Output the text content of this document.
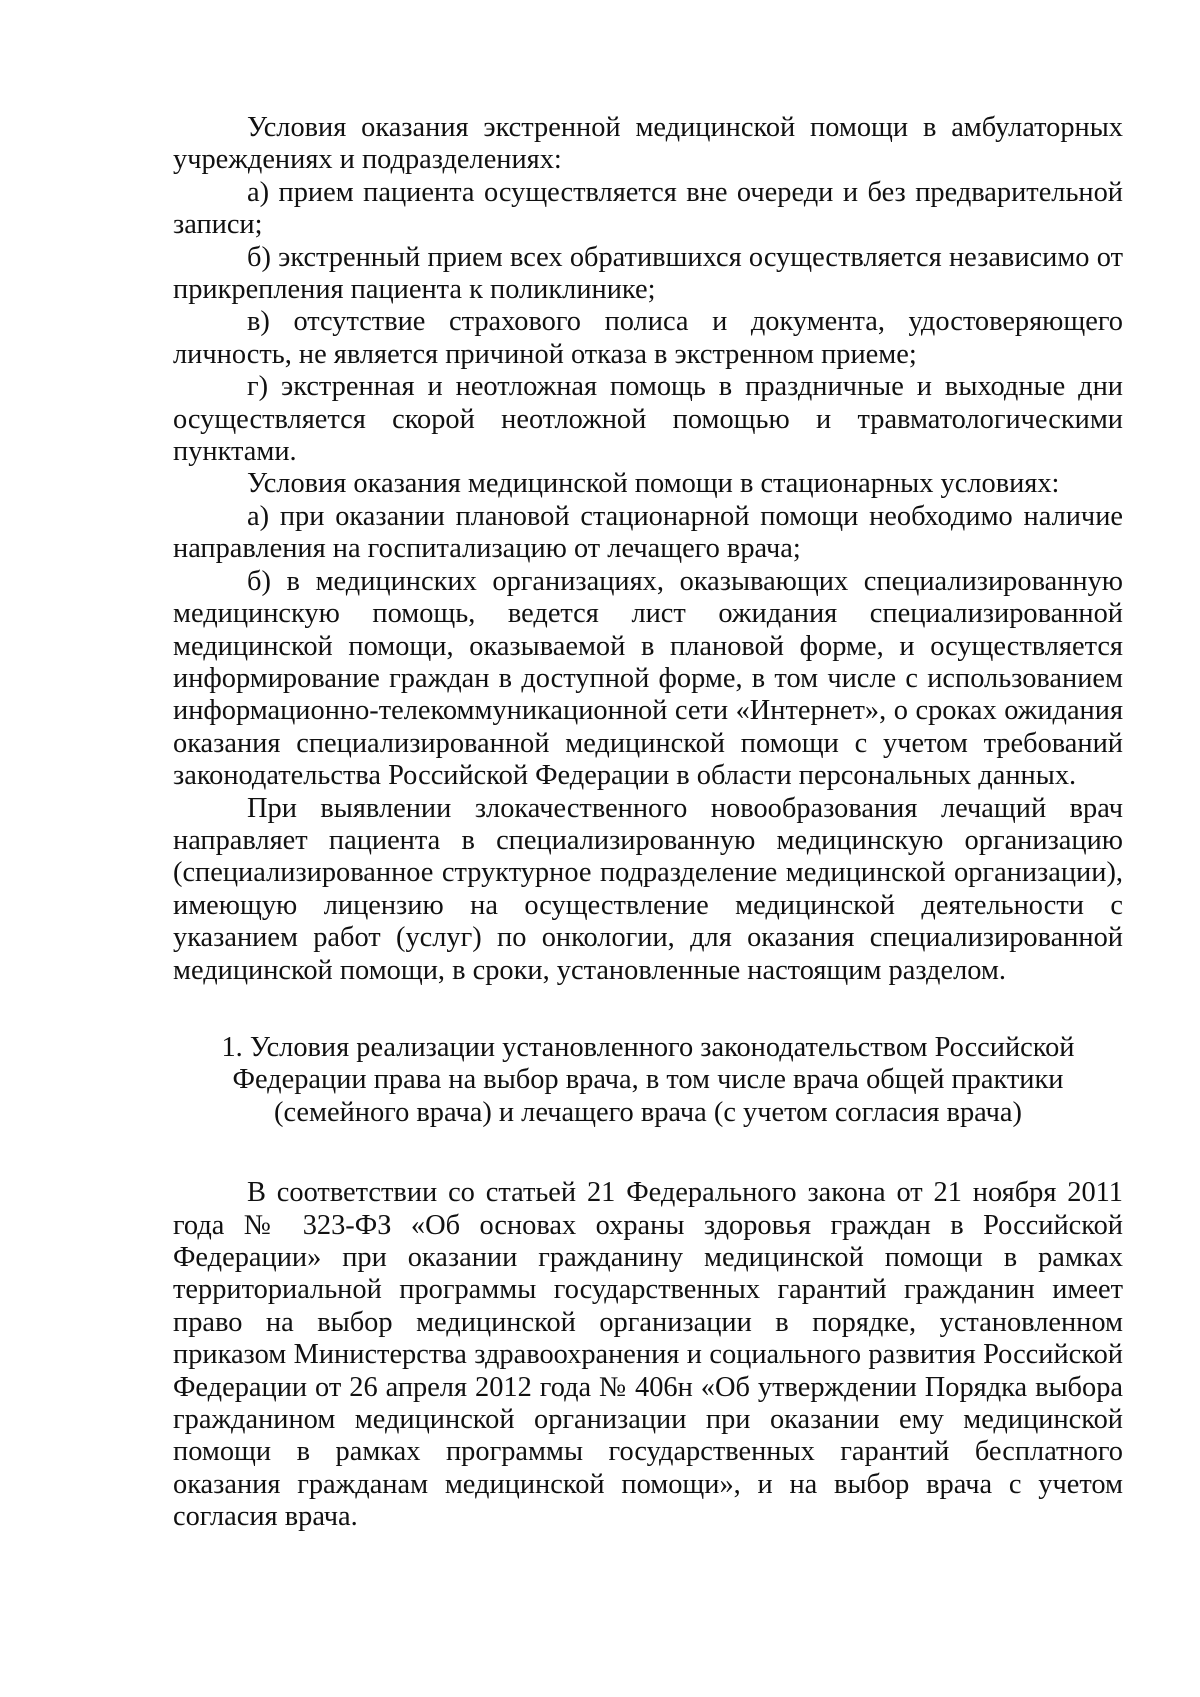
Условия оказания экстренной медицинской помощи в амбулаторных учреждениях и подразделениях:

а) прием пациента осуществляется вне очереди и без предварительной записи;

б) экстренный прием всех обратившихся осуществляется независимо от прикрепления пациента к поликлинике;

в) отсутствие страхового полиса и документа, удостоверяющего личность, не является причиной отказа в экстренном приеме;

г) экстренная и неотложная помощь в праздничные и выходные дни осуществляется скорой неотложной помощью и травматологическими пунктами.

Условия оказания медицинской помощи в стационарных условиях:

а) при оказании плановой стационарной помощи необходимо наличие направления на госпитализацию от лечащего врача;

б) в медицинских организациях, оказывающих специализированную медицинскую помощь, ведется лист ожидания специализированной медицинской помощи, оказываемой в плановой форме, и осуществляется информирование граждан в доступной форме, в том числе с использованием информационно-телекоммуникационной сети «Интернет», о сроках ожидания оказания специализированной медицинской помощи с учетом требований законодательства Российской Федерации в области персональных данных.

При выявлении злокачественного новообразования лечащий врач направляет пациента в специализированную медицинскую организацию (специализированное структурное подразделение медицинской организации), имеющую лицензию на осуществление медицинской деятельности с указанием работ (услуг) по онкологии, для оказания специализированной медицинской помощи, в сроки, установленные настоящим разделом.

1. Условия реализации установленного законодательством Российской
Федерации права на выбор врача, в том числе врача общей практики
(семейного врача) и лечащего врача (с учетом согласия врача)

В соответствии со статьей 21 Федерального закона от 21 ноября 2011 года № 323-ФЗ «Об основах охраны здоровья граждан в Российской Федерации» при оказании гражданину медицинской помощи в рамках территориальной программы государственных гарантий гражданин имеет право на выбор медицинской организации в порядке, установленном приказом Министерства здравоохранения и социального развития Российской Федерации от 26 апреля 2012 года № 406н «Об утверждении Порядка выбора гражданином медицинской организации при оказании ему медицинской помощи в рамках программы государственных гарантий бесплатного оказания гражданам медицинской помощи», и на выбор врача с учетом согласия врача.
